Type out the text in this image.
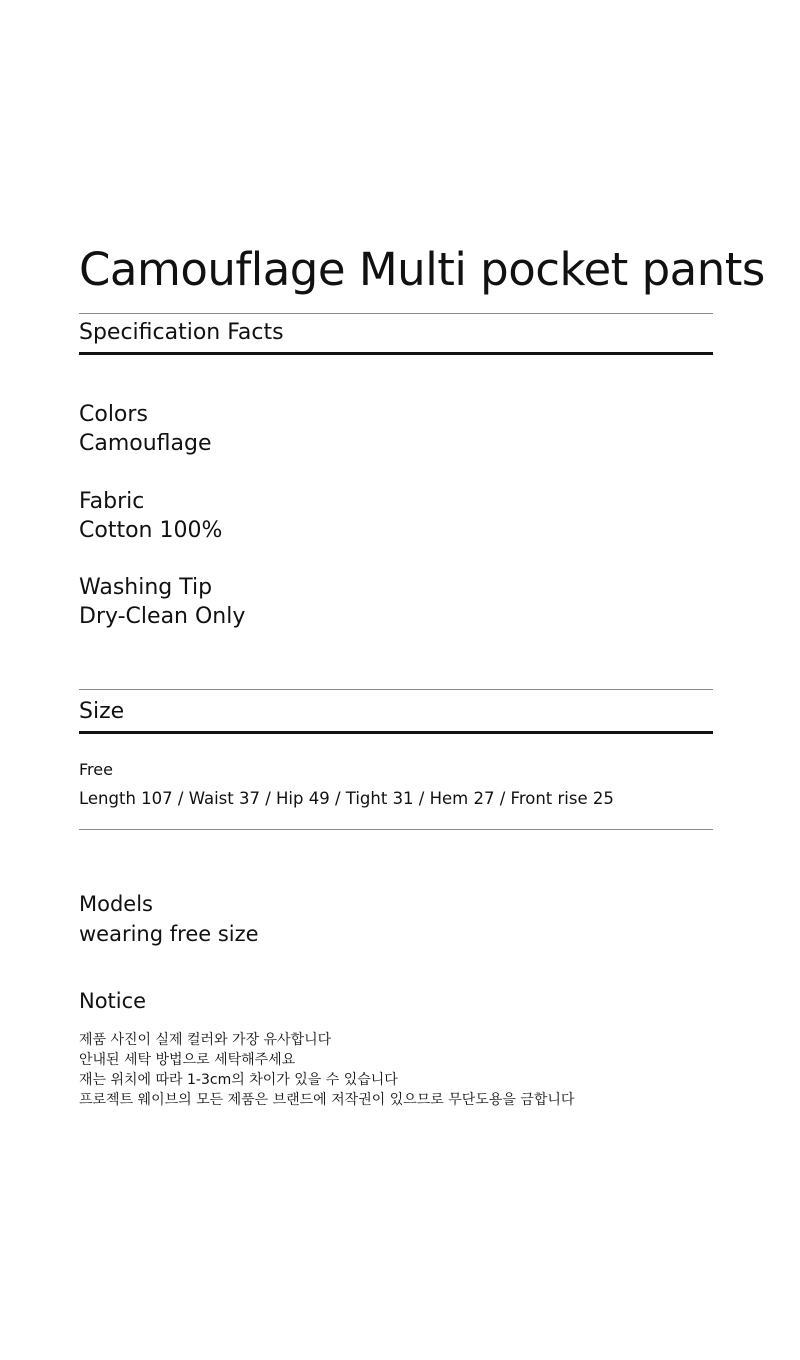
Camouflage Multi pocket pants
Specification Facts
Colors
Camouflage
Fabric
Cotton 100%
Washing Tip
Dry-Clean Only
Size
Free
Length 107 / Waist 37 / Hip 49 / Tight 31 / Hem 27 / Front rise 25
Models
wearing free size
Notice
제품 사진이 실제 컬러와 가장 유사합니다
안내된 세탁 방법으로 세탁해주세요
재는 위치에 따라 1-3cm의 차이가 있을 수 있습니다
프로젝트 웨이브의 모든 제품은 브랜드에 저작권이 있으므로 무단도용을 금합니다
